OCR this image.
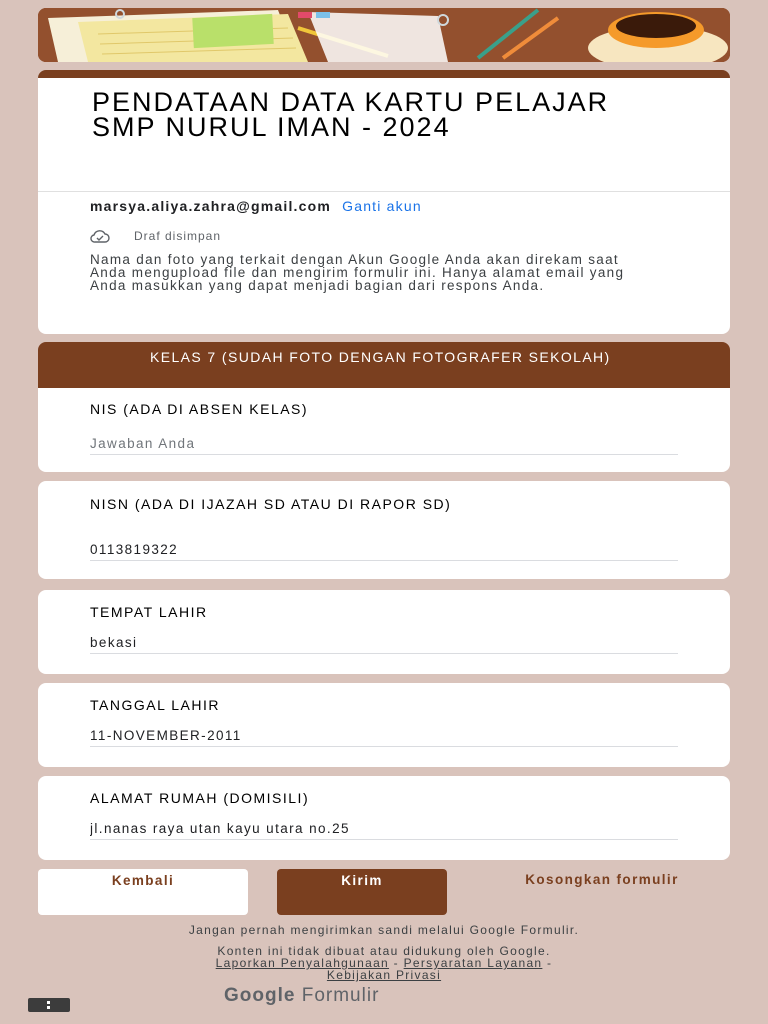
PENDATAAN DATA KARTU PELAJAR SMP NURUL IMAN - 2024
marsya.aliya.zahra@gmail.com Ganti akun
Draf disimpan
Nama dan foto yang terkait dengan Akun Google Anda akan direkam saat Anda mengupload file dan mengirim formulir ini. Hanya alamat email yang Anda masukkan yang dapat menjadi bagian dari respons Anda.
KELAS 7 (SUDAH FOTO DENGAN FOTOGRAFER SEKOLAH)
NIS (ADA DI ABSEN KELAS)
Jawaban Anda
NISN (ADA DI IJAZAH SD ATAU DI RAPOR SD)
0113819322
TEMPAT LAHIR
bekasi
TANGGAL LAHIR
11-NOVEMBER-2011
ALAMAT RUMAH (DOMISILI)
jl.nanas raya utan kayu utara no.25
Kembali	Kirim	Kosongkan formulir
Jangan pernah mengirimkan sandi melalui Google Formulir.
Konten ini tidak dibuat atau didukung oleh Google.
Laporkan Penyalahgunaan - Persyaratan Layanan -
Kebijakan Privasi
Google Formulir
